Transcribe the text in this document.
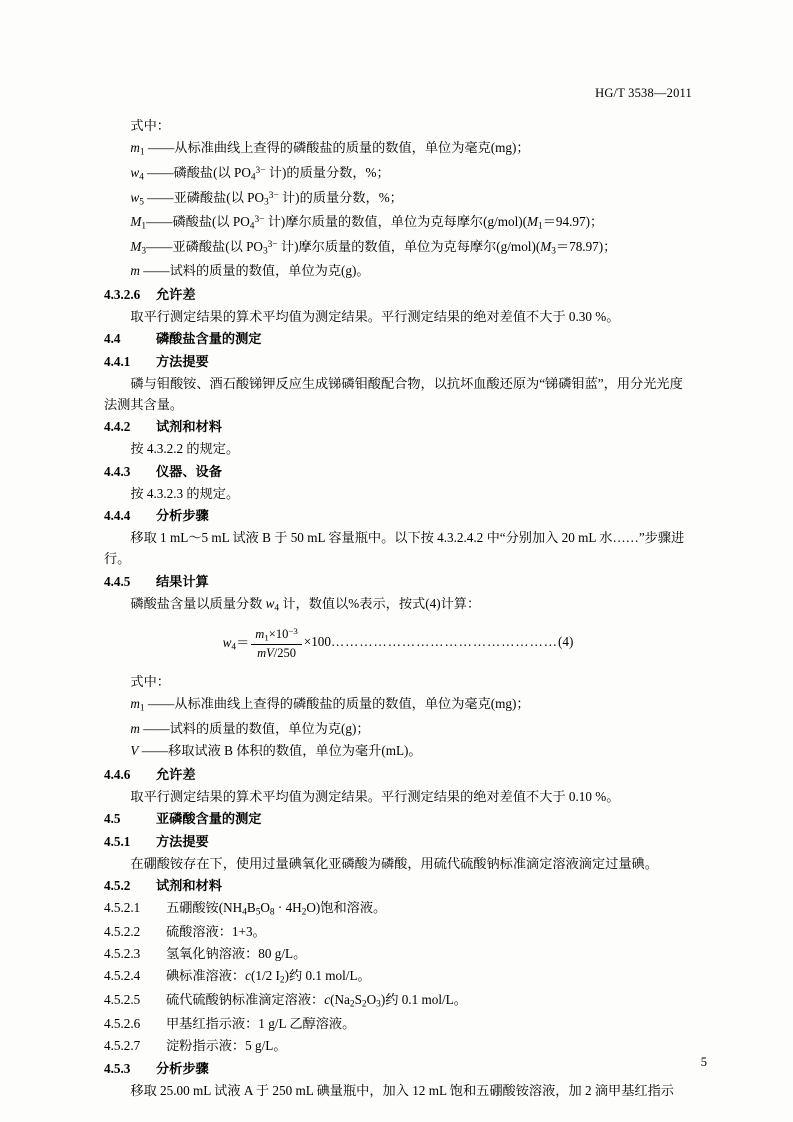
HG/T 3538—2011

式中：

$m_1$ ——从标准曲线上查得的磷酸盐的质量的数值，单位为毫克(mg)；

$w_4$ ——磷酸盐(以 $PO_4^{3-}$ 计)的质量分数，%；

$w_5$ ——亚磷酸盐(以 $PO_3^{3-}$ 计)的质量分数，%；

$M_1——$磷酸盐(以 $PO_4^{3-}$ 计)摩尔质量的数值，单位为克每摩尔$(g/mol)(M_1=94.97)$；

$M_3——$亚磷酸盐(以 $PO_3^{3-}$ 计)摩尔质量的数值，单位为克每摩尔$(g/mol)(M_3=78.97)$；

m ——试料的质量的数值，单位为克(g)。

4.3.2.6 允许差

取平行测定结果的算术平均值为测定结果。平行测定结果的绝对差值不大于 0.30 %。

4.4	磷酸盐含量的测定
4.4.1 方法提要

磷与钼酸铵、酒石酸锑钾反应生成锑磷钼酸配合物，以抗坏血酸还原为“锑磷钼蓝”，用分光光度法测其含量。

4.4.2 试剂和材料

按 4.3.2.2 的规定。

4.4.3 仪器、设备

按 4.3.2.3 的规定。

4.4.4 分析步骤

移取 1 mL～5 mL 试液 B 于 50 mL 容量瓶中。以下按 4.3.2.4.2 中“分别加入 20 mL 水……”步骤进行。

4.4.5 结果计算

磷酸盐含量以质量分数 $w_4$ 计，数值以%表示，按式(4)计算：

$w_4= \frac{m_1\times 10^{-3}}{mV/250}$ ×100…………………………………………(4)

式中：

$m_1$ ——从标准曲线上查得的磷酸盐的质量的数值，单位为毫克(mg)；

m ——试料的质量的数值，单位为克(g)；

V ——移取试液 B 体积的数值，单位为毫升(mL)。

4.4.6 允许差

取平行测定结果的算术平均值为测定结果。平行测定结果的绝对差值不大于 0.10 %。

4.5	亚磷酸含量的测定
4.5.1 方法提要

在硼酸铵存在下，使用过量碘氧化亚磷酸为磷酸，用硫代硫酸钠标准滴定溶液滴定过量碘。

4.5.2 试剂和材料
4.5.2.1 五硼酸铵$(NH_4B_5O_8 \cdot 4H_2O)$饱和溶液。
4.5.2.2 硫酸溶液：1+3。
4.5.2.3 氢氧化钠溶液：80 g/L。
4.5.2.4 碘标准溶液：c(1/2 $I_2$)约 0.1 mol/L。
4.5.2.5 硫代硫酸钠标准滴定溶液：$c(Na_2S_2O_3)$约 0.1 mol/L。
4.5.2.6 甲基红指示液：1 g/L 乙醇溶液。
4.5.2.7 淀粉指示液：5 g/L。
4.5.3 分析步骤

移取 25.00 mL 试液 A 于 250 mL 碘量瓶中，加入 12 mL 饱和五硼酸铵溶液，加 2 滴甲基红指示

5
